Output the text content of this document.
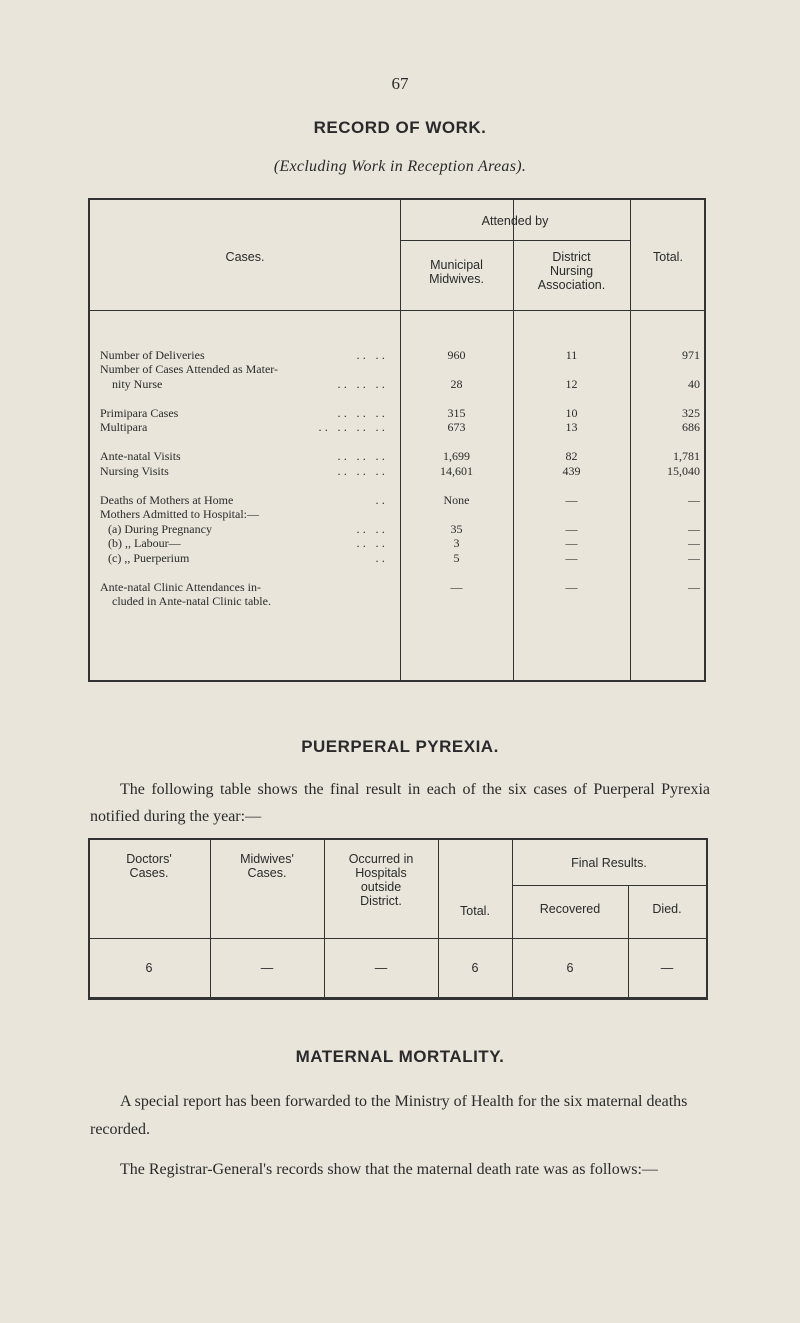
67
RECORD OF WORK.
(Excluding Work in Reception Areas).
Cases.
Attended by
Municipal
Midwives.
District
Nursing
Association.
Total.
Number of Deliveries	.. ..	960	11	971
Number of Cases Attended as Mater-
nity Nurse	.. .. ..	28	12	40
Primipara Cases	.. .. ..	315	10	325
Multipara	.. .. .. ..	673	13	686
Ante-natal Visits	.. .. ..	1,699	82	1,781
Nursing Visits	.. .. ..	14,601	439	15,040
Deaths of Mothers at Home	..	None	—	—
Mothers Admitted to Hospital:—
(a) During Pregnancy	.. ..	35	—	—
(b) ,, Labour—	.. ..	3	—	—
(c) ,, Puerperium	..	5	—	—
Ante-natal Clinic Attendances in-	—	—	—
cluded in Ante-natal Clinic table.
PUERPERAL PYREXIA.
The following table shows the final result in each of the six cases of Puerperal Pyrexia notified during the year:—
Doctors'
Cases.
Midwives'
Cases.
Occurred in
Hospitals
outside
District.
Total.
Final Results.
Recovered	Died.
6	—	—	6	6	—
MATERNAL MORTALITY.
A special report has been forwarded to the Ministry of Health for the six maternal deaths recorded.
The Registrar-General's records show that the maternal death rate was as follows:—
